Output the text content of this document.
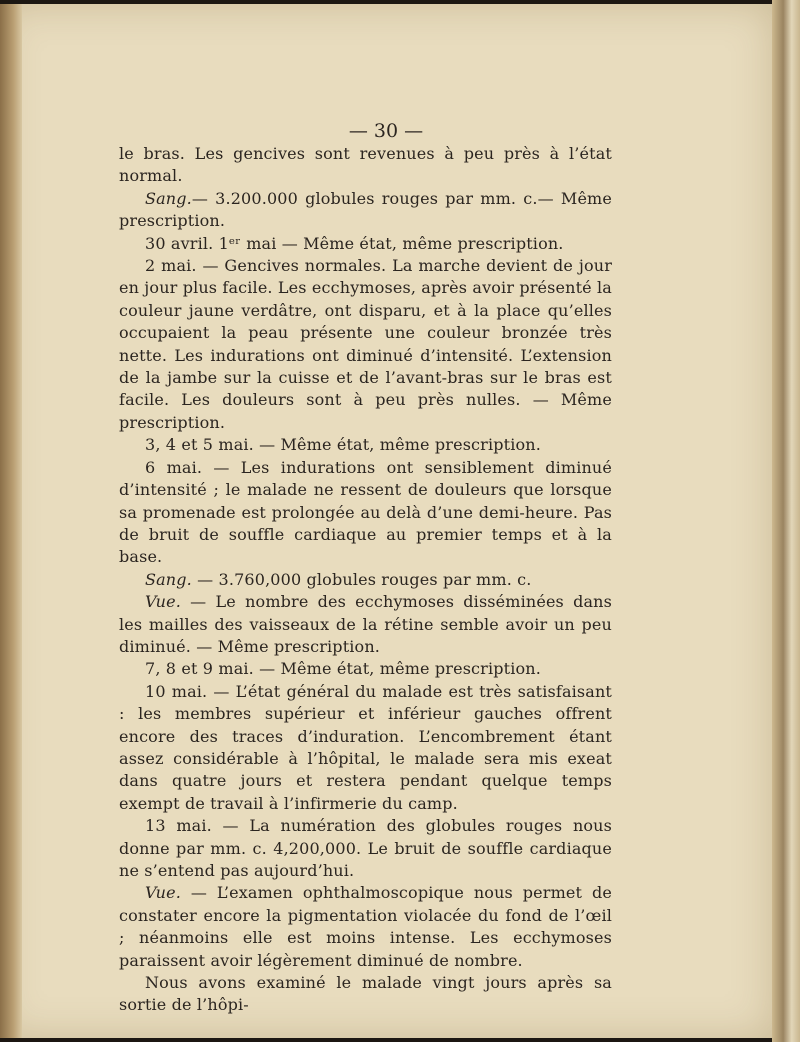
— 30 —

le bras. Les gencives sont revenues à peu près à l’état normal.

Sang.— 3.200.000 globules rouges par mm. c.— Même prescription.

30 avril. 1ᵉʳ mai — Même état, même prescription.

2 mai. — Gencives normales. La marche devient de jour en jour plus facile. Les ecchymoses, après avoir présenté la couleur jaune verdâtre, ont disparu, et à la place qu’elles occupaient la peau présente une couleur bronzée très nette. Les indurations ont diminué d’intensité. L’extension de la jambe sur la cuisse et de l’avant-bras sur le bras est facile. Les douleurs sont à peu près nulles. — Même prescription.

3, 4 et 5 mai. — Même état, même prescription.

6 mai. — Les indurations ont sensiblement diminué d’intensité ; le malade ne ressent de douleurs que lorsque sa promenade est prolongée au delà d’une demi-heure. Pas de bruit de souffle cardiaque au premier temps et à la base.

Sang. — 3.760,000 globules rouges par mm. c.

Vue. — Le nombre des ecchymoses disséminées dans les mailles des vaisseaux de la rétine semble avoir un peu diminué. — Même prescription.

7, 8 et 9 mai. — Même état, même prescription.

10 mai. — L’état général du malade est très satisfaisant : les membres supérieur et inférieur gauches offrent encore des traces d’induration. L’encombrement étant assez considérable à l’hôpital, le malade sera mis exeat dans quatre jours et restera pendant quelque temps exempt de travail à l’infirmerie du camp.

13 mai. — La numération des globules rouges nous donne par mm. c. 4,200,000. Le bruit de souffle cardiaque ne s’entend pas aujourd’hui.

Vue. — L’examen ophthalmoscopique nous permet de constater encore la pigmentation violacée du fond de l’œil ; néanmoins elle est moins intense. Les ecchymoses paraissent avoir légèrement diminué de nombre.

Nous avons examiné le malade vingt jours après sa sortie de l’hôpi-
